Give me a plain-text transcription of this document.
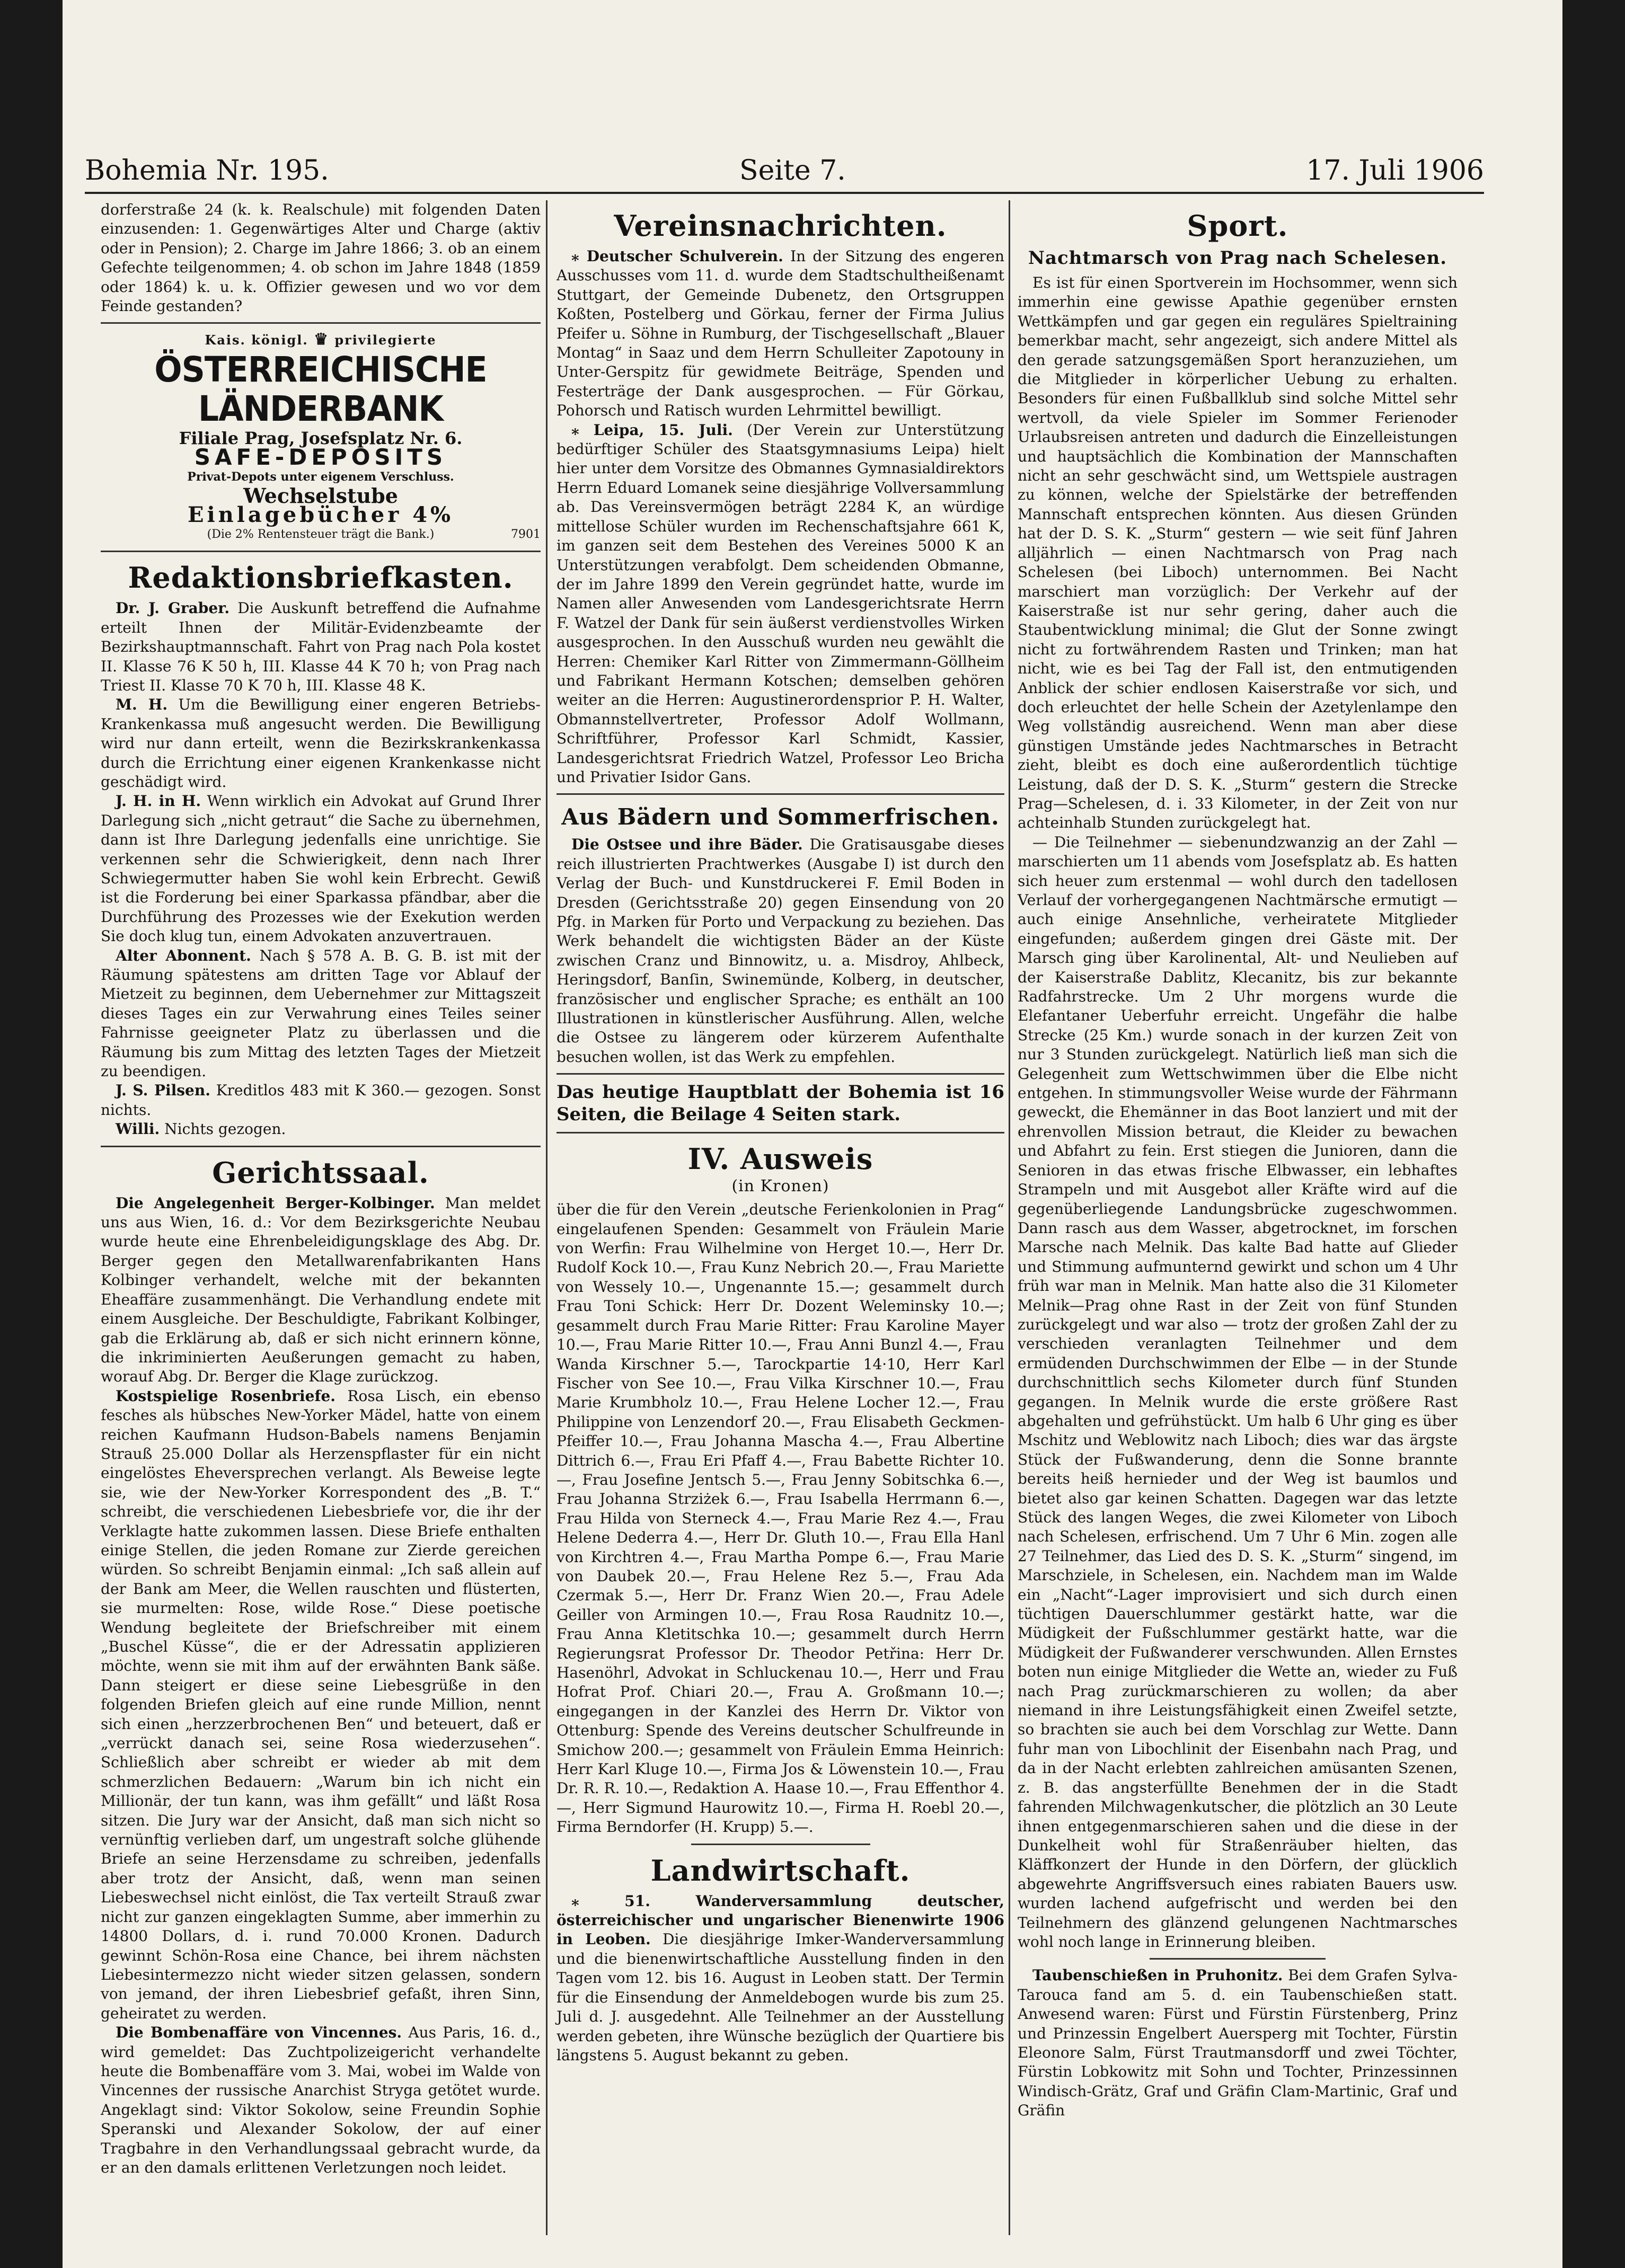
Bohemia Nr. 195.	Seite 7.	17. Juli 1906

dorferstraße 24 (k. k. Realschule) mit folgenden Daten einzusenden: 1. Gegenwärtiges Alter und Charge (aktiv oder in Pension); 2. Charge im Jahre 1866; 3. ob an einem Gefechte teilgenommen; 4. ob schon im Jahre 1848 (1859 oder 1864) k. u. k. Offizier gewesen und wo vor dem Feinde gestanden?

Kais. königl. ♛ privilegierte
ÖSTERREICHISCHE LÄNDERBANK
Filiale Prag, Josefsplatz Nr. 6.
SAFE-DEPOSITS
Privat-Depots unter eigenem Verschluss.
Wechselstube
Einlagebücher 4%
(Die 2% Rentensteuer trägt die Bank.)	7901
Redaktionsbriefkasten.

Dr. J. Graber. Die Auskunft betreffend die Aufnahme erteilt Ihnen der Militär-Evidenzbeamte der Bezirkshauptmannschaft. Fahrt von Prag nach Pola kostet II. Klasse 76 K 50 h, III. Klasse 44 K 70 h; von Prag nach Triest II. Klasse 70 K 70 h, III. Klasse 48 K.

M. H. Um die Bewilligung einer engeren Betriebs-Krankenkassa muß angesucht werden. Die Bewilligung wird nur dann erteilt, wenn die Bezirkskrankenkassa durch die Errichtung einer eigenen Krankenkasse nicht geschädigt wird.

J. H. in H. Wenn wirklich ein Advokat auf Grund Ihrer Darlegung sich „nicht getraut“ die Sache zu übernehmen, dann ist Ihre Darlegung jedenfalls eine unrichtige. Sie verkennen sehr die Schwierigkeit, denn nach Ihrer Schwiegermutter haben Sie wohl kein Erbrecht. Gewiß ist die Forderung bei einer Sparkassa pfändbar, aber die Durchführung des Prozesses wie der Exekution werden Sie doch klug tun, einem Advokaten anzuvertrauen.

Alter Abonnent. Nach § 578 A. B. G. B. ist mit der Räumung spätestens am dritten Tage vor Ablauf der Mietzeit zu beginnen, dem Uebernehmer zur Mittagszeit dieses Tages ein zur Verwahrung eines Teiles seiner Fahrnisse geeigneter Platz zu überlassen und die Räumung bis zum Mittag des letzten Tages der Mietzeit zu beendigen.

J. S. Pilsen. Kreditlos 483 mit K 360.— gezogen. Sonst nichts.

Willi. Nichts gezogen.

Gerichtssaal.

Die Angelegenheit Berger-Kolbinger. Man meldet uns aus Wien, 16. d.: Vor dem Bezirksgerichte Neubau wurde heute eine Ehrenbeleidigungsklage des Abg. Dr. Berger gegen den Metallwarenfabrikanten Hans Kolbinger verhandelt, welche mit der bekannten Eheaffäre zusammenhängt. Die Verhandlung endete mit einem Ausgleiche. Der Beschuldigte, Fabrikant Kolbinger, gab die Erklärung ab, daß er sich nicht erinnern könne, die inkriminierten Aeußerungen gemacht zu haben, worauf Abg. Dr. Berger die Klage zurückzog.

Kostspielige Rosenbriefe. Rosa Lisch, ein ebenso fesches als hübsches New-Yorker Mädel, hatte von einem reichen Kaufmann Hudson-Babels namens Benjamin Strauß 25.000 Dollar als Herzenspflaster für ein nicht eingelöstes Eheversprechen verlangt. Als Beweise legte sie, wie der New-Yorker Korrespondent des „B. T.“ schreibt, die verschiedenen Liebesbriefe vor, die ihr der Verklagte hatte zukommen lassen. Diese Briefe enthalten einige Stellen, die jeden Romane zur Zierde gereichen würden. So schreibt Benjamin einmal: „Ich saß allein auf der Bank am Meer, die Wellen rauschten und flüsterten, sie murmelten: Rose, wilde Rose.“ Diese poetische Wendung begleitete der Briefschreiber mit einem „Buschel Küsse“, die er der Adressatin applizieren möchte, wenn sie mit ihm auf der erwähnten Bank säße. Dann steigert er diese seine Liebesgrüße in den folgenden Briefen gleich auf eine runde Million, nennt sich einen „herzzerbrochenen Ben“ und beteuert, daß er „verrückt danach sei, seine Rosa wiederzusehen“. Schließlich aber schreibt er wieder ab mit dem schmerzlichen Bedauern: „Warum bin ich nicht ein Millionär, der tun kann, was ihm gefällt“ und läßt Rosa sitzen. Die Jury war der Ansicht, daß man sich nicht so vernünftig verlieben darf, um ungestraft solche glühende Briefe an seine Herzensdame zu schreiben, jedenfalls aber trotz der Ansicht, daß, wenn man seinen Liebeswechsel nicht einlöst, die Tax verteilt Strauß zwar nicht zur ganzen eingeklagten Summe, aber immerhin zu 14800 Dollars, d. i. rund 70.000 Kronen. Dadurch gewinnt Schön-Rosa eine Chance, bei ihrem nächsten Liebesintermezzo nicht wieder sitzen gelassen, sondern von jemand, der ihren Liebesbrief gefaßt, ihren Sinn, geheiratet zu werden.

Die Bombenaffäre von Vincennes. Aus Paris, 16. d., wird gemeldet: Das Zuchtpolizeigericht verhandelte heute die Bombenaffäre vom 3. Mai, wobei im Walde von Vincennes der russische Anarchist Stryga getötet wurde. Angeklagt sind: Viktor Sokolow, seine Freundin Sophie Speranski und Alexander Sokolow, der auf einer Tragbahre in den Verhandlungssaal gebracht wurde, da er an den damals erlittenen Verletzungen noch leidet.

Vereinsnachrichten.

⁎ Deutscher Schulverein. In der Sitzung des engeren Ausschusses vom 11. d. wurde dem Stadtschultheißenamt Stuttgart, der Gemeinde Dubenetz, den Ortsgruppen Koßten, Postelberg und Görkau, ferner der Firma Julius Pfeifer u. Söhne in Rumburg, der Tischgesellschaft „Blauer Montag“ in Saaz und dem Herrn Schulleiter Zapotouny in Unter-Gerspitz für gewidmete Beiträge, Spenden und Festerträge der Dank ausgesprochen. — Für Görkau, Pohorsch und Ratisch wurden Lehrmittel bewilligt.

⁎ Leipa, 15. Juli. (Der Verein zur Unterstützung bedürftiger Schüler des Staatsgymnasiums Leipa) hielt hier unter dem Vorsitze des Obmannes Gymnasialdirektors Herrn Eduard Lomanek seine diesjährige Vollversammlung ab. Das Vereinsvermögen beträgt 2284 K, an würdige mittellose Schüler wurden im Rechenschaftsjahre 661 K, im ganzen seit dem Bestehen des Vereines 5000 K an Unterstützungen verabfolgt. Dem scheidenden Obmanne, der im Jahre 1899 den Verein gegründet hatte, wurde im Namen aller Anwesenden vom Landesgerichtsrate Herrn F. Watzel der Dank für sein äußerst verdienstvolles Wirken ausgesprochen. In den Ausschuß wurden neu gewählt die Herren: Chemiker Karl Ritter von Zimmermann-Göllheim und Fabrikant Hermann Kotschen; demselben gehören weiter an die Herren: Augustinerordensprior P. H. Walter, Obmannstellvertreter, Professor Adolf Wollmann, Schriftführer, Professor Karl Schmidt, Kassier, Landesgerichtsrat Friedrich Watzel, Professor Leo Bricha und Privatier Isidor Gans.

Aus Bädern und Sommerfrischen.

Die Ostsee und ihre Bäder. Die Gratisausgabe dieses reich illustrierten Prachtwerkes (Ausgabe I) ist durch den Verlag der Buch- und Kunstdruckerei F. Emil Boden in Dresden (Gerichtsstraße 20) gegen Einsendung von 20 Pfg. in Marken für Porto und Verpackung zu beziehen. Das Werk behandelt die wichtigsten Bäder an der Küste zwischen Cranz und Binnowitz, u. a. Misdroy, Ahlbeck, Heringsdorf, Banſin, Swinemünde, Kolberg, in deutscher, französischer und englischer Sprache; es enthält an 100 Illustrationen in künstlerischer Ausführung. Allen, welche die Ostsee zu längerem oder kürzerem Aufenthalte besuchen wollen, ist das Werk zu empfehlen.

Das heutige Hauptblatt der Bohemia ist 16 Seiten, die Beilage 4 Seiten stark.
IV. Ausweis
(in Kronen)

über die für den Verein „deutsche Ferienkolonien in Prag“ eingelaufenen Spenden: Gesammelt von Fräulein Marie von Werfin: Frau Wilhelmine von Herget 10.—, Herr Dr. Rudolf Kock 10.—, Frau Kunz Nebrich 20.—, Frau Mariette von Wessely 10.—, Ungenannte 15.—; gesammelt durch Frau Toni Schick: Herr Dr. Dozent Weleminsky 10.—; gesammelt durch Frau Marie Ritter: Frau Karoline Mayer 10.—, Frau Marie Ritter 10.—, Frau Anni Bunzl 4.—, Frau Wanda Kirschner 5.—, Tarockpartie 14·10, Herr Karl Fischer von See 10.—, Frau Vilka Kirschner 10.—, Frau Marie Krumbholz 10.—, Frau Helene Locher 12.—, Frau Philippine von Lenzendorf 20.—, Frau Elisabeth Geckmen-Pfeiffer 10.—, Frau Johanna Mascha 4.—, Frau Albertine Dittrich 6.—, Frau Eri Pfaff 4.—, Frau Babette Richter 10.—, Frau Josefine Jentsch 5.—, Frau Jenny Sobitschka 6.—, Frau Johanna Strziżek 6.—, Frau Isabella Herrmann 6.—, Frau Hilda von Sterneck 4.—, Frau Marie Rez 4.—, Frau Helene Dederra 4.—, Herr Dr. Gluth 10.—, Frau Ella Hanl von Kirchtren 4.—, Frau Martha Pompe 6.—, Frau Marie von Daubek 20.—, Frau Helene Rez 5.—, Frau Ada Czermak 5.—, Herr Dr. Franz Wien 20.—, Frau Adele Geiller von Armingen 10.—, Frau Rosa Raudnitz 10.—, Frau Anna Kletitschka 10.—; gesammelt durch Herrn Regierungsrat Professor Dr. Theodor Petřina: Herr Dr. Hasenöhrl, Advokat in Schluckenau 10.—, Herr und Frau Hofrat Prof. Chiari 20.—, Frau A. Großmann 10.—; eingegangen in der Kanzlei des Herrn Dr. Viktor von Ottenburg: Spende des Vereins deutscher Schulfreunde in Smichow 200.—; gesammelt von Fräulein Emma Heinrich: Herr Karl Kluge 10.—, Firma Jos & Löwenstein 10.—, Frau Dr. R. R. 10.—, Redaktion A. Haase 10.—, Frau Effenthor 4.—, Herr Sigmund Haurowitz 10.—, Firma H. Roebl 20.—, Firma Berndorfer (H. Krupp) 5.—.

Landwirtschaft.

⁎ 51. Wanderversammlung deutscher, österreichischer und ungarischer Bienenwirte 1906 in Leoben. Die diesjährige Imker-Wanderversammlung und die bienenwirtschaftliche Ausstellung finden in den Tagen vom 12. bis 16. August in Leoben statt. Der Termin für die Einsendung der Anmeldebogen wurde bis zum 25. Juli d. J. ausgedehnt. Alle Teilnehmer an der Ausstellung werden gebeten, ihre Wünsche bezüglich der Quartiere bis längstens 5. August bekannt zu geben.

Sport.
Nachtmarsch von Prag nach Schelesen.

Es ist für einen Sportverein im Hochsommer, wenn sich immerhin eine gewisse Apathie gegenüber ernsten Wettkämpfen und gar gegen ein reguläres Spieltraining bemerkbar macht, sehr angezeigt, sich andere Mittel als den gerade satzungsgemäßen Sport heranzuziehen, um die Mitglieder in körperlicher Uebung zu erhalten. Besonders für einen Fußballklub sind solche Mittel sehr wertvoll, da viele Spieler im Sommer Ferienoder Urlaubsreisen antreten und dadurch die Einzelleistungen und hauptsächlich die Kombination der Mannschaften nicht an sehr geschwächt sind, um Wettspiele austragen zu können, welche der Spielstärke der betreffenden Mannschaft entsprechen könnten. Aus diesen Gründen hat der D. S. K. „Sturm“ gestern — wie seit fünf Jahren alljährlich — einen Nachtmarsch von Prag nach Schelesen (bei Liboch) unternommen. Bei Nacht marschiert man vorzüglich: Der Verkehr auf der Kaiserstraße ist nur sehr gering, daher auch die Staubentwicklung minimal; die Glut der Sonne zwingt nicht zu fortwährendem Rasten und Trinken; man hat nicht, wie es bei Tag der Fall ist, den entmutigenden Anblick der schier endlosen Kaiserstraße vor sich, und doch erleuchtet der helle Schein der Azetylenlampe den Weg vollständig ausreichend. Wenn man aber diese günstigen Umstände jedes Nachtmarsches in Betracht zieht, bleibt es doch eine außerordentlich tüchtige Leistung, daß der D. S. K. „Sturm“ gestern die Strecke Prag—Schelesen, d. i. 33 Kilometer, in der Zeit von nur achteinhalb Stunden zurückgelegt hat.

— Die Teilnehmer — siebenundzwanzig an der Zahl — marschierten um 11 abends vom Josefsplatz ab. Es hatten sich heuer zum erstenmal — wohl durch den tadellosen Verlauf der vorhergegangenen Nachtmärsche ermutigt — auch einige Ansehnliche, verheiratete Mitglieder eingefunden; außerdem gingen drei Gäste mit. Der Marsch ging über Karolinental, Alt- und Neulieben auf der Kaiserstraße Dablitz, Klecanitz, bis zur bekannte Radfahrstrecke. Um 2 Uhr morgens wurde die Elefantaner Ueberfuhr erreicht. Ungefähr die halbe Strecke (25 Km.) wurde sonach in der kurzen Zeit von nur 3 Stunden zurückgelegt. Natürlich ließ man sich die Gelegenheit zum Wettschwimmen über die Elbe nicht entgehen. In stimmungsvoller Weise wurde der Fährmann geweckt, die Ehemänner in das Boot lanziert und mit der ehrenvollen Mission betraut, die Kleider zu bewachen und Abfahrt zu fein. Erst stiegen die Junioren, dann die Senioren in das etwas frische Elbwasser, ein lebhaftes Strampeln und mit Ausgebot aller Kräfte wird auf die gegenüberliegende Landungsbrücke zugeschwommen. Dann rasch aus dem Wasser, abgetrocknet, im forschen Marsche nach Melnik. Das kalte Bad hatte auf Glieder und Stimmung aufmunternd gewirkt und schon um 4 Uhr früh war man in Melnik. Man hatte also die 31 Kilometer Melnik—Prag ohne Rast in der Zeit von fünf Stunden zurückgelegt und war also — trotz der großen Zahl der zu verschieden veranlagten Teilnehmer und dem ermüdenden Durchschwimmen der Elbe — in der Stunde durchschnittlich sechs Kilometer durch fünf Stunden gegangen. In Melnik wurde die erste größere Rast abgehalten und gefrühstückt. Um halb 6 Uhr ging es über Mschitz und Weblowitz nach Liboch; dies war das ärgste Stück der Fußwanderung, denn die Sonne brannte bereits heiß hernieder und der Weg ist baumlos und bietet also gar keinen Schatten. Dagegen war das letzte Stück des langen Weges, die zwei Kilometer von Liboch nach Schelesen, erfrischend. Um 7 Uhr 6 Min. zogen alle 27 Teilnehmer, das Lied des D. S. K. „Sturm“ singend, im Marschziele, in Schelesen, ein. Nachdem man im Walde ein „Nacht“-Lager improvisiert und sich durch einen tüchtigen Dauerschlummer gestärkt hatte, war die Müdigkeit der Fußschlummer gestärkt hatte, war die Müdigkeit der Fußwanderer verschwunden. Allen Ernstes boten nun einige Mitglieder die Wette an, wieder zu Fuß nach Prag zurückmarschieren zu wollen; da aber niemand in ihre Leistungsfähigkeit einen Zweifel setzte, so brachten sie auch bei dem Vorschlag zur Wette. Dann fuhr man von Libochlinit der Eisenbahn nach Prag, und da in der Nacht erlebten zahlreichen amüsanten Szenen, z. B. das angsterfüllte Benehmen der in die Stadt fahrenden Milchwagenkutscher, die plötzlich an 30 Leute ihnen entgegenmarschieren sahen und die diese in der Dunkelheit wohl für Straßenräuber hielten, das Kläffkonzert der Hunde in den Dörfern, der glücklich abgewehrte Angriffsversuch eines rabiaten Bauers usw. wurden lachend aufgefrischt und werden bei den Teilnehmern des glänzend gelungenen Nachtmarsches wohl noch lange in Erinnerung bleiben.

Taubenschießen in Pruhonitz. Bei dem Grafen Sylva-Tarouca fand am 5. d. ein Taubenschießen statt. Anwesend waren: Fürst und Fürstin Fürstenberg, Prinz und Prinzessin Engelbert Auersperg mit Tochter, Fürstin Eleonore Salm, Fürst Trautmansdorff und zwei Töchter, Fürstin Lobkowitz mit Sohn und Tochter, Prinzessinnen Windisch-Grätz, Graf und Gräfin Clam-Martinic, Graf und Gräfin
